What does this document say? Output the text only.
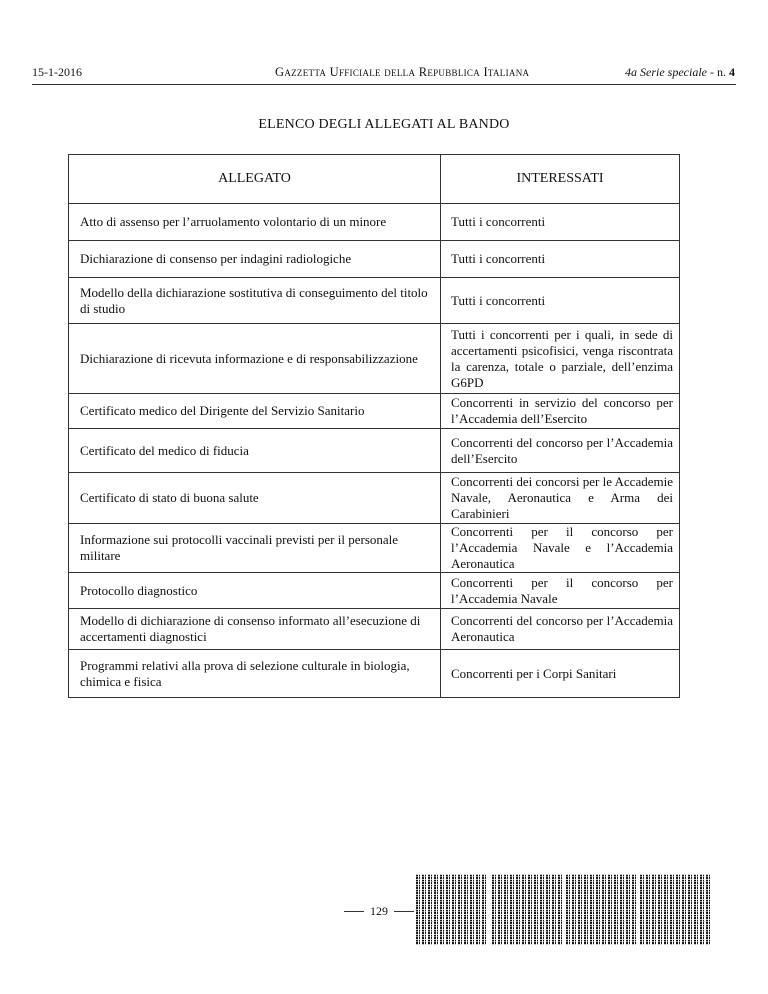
15-1-2016	Gazzetta Ufficiale della Repubblica Italiana	4a Serie speciale - n. 4
ELENCO DEGLI ALLEGATI AL BANDO
ALLEGATO	INTERESSATI
Atto di assenso per l’arruolamento volontario di un minore	Tutti i concorrenti
Dichiarazione di consenso per indagini radiologiche	Tutti i concorrenti
Modello della dichiarazione sostitutiva di conseguimento del titolo di studio	Tutti i concorrenti
Dichiarazione di ricevuta informazione e di responsabilizzazione	Tutti i concorrenti per i quali, in sede di accertamenti psicofisici, venga riscontrata la carenza, totale o parziale, dell’enzima G6PD
Certificato medico del Dirigente del Servizio Sanitario	Concorrenti in servizio del concorso per l’Accademia dell’Esercito
Certificato del medico di fiducia	Concorrenti del concorso per l’Accademia dell’Esercito
Certificato di stato di buona salute	Concorrenti dei concorsi per le Accademie Navale, Aeronautica e Arma dei Carabinieri
Informazione sui protocolli vaccinali previsti per il personale militare	Concorrenti per il concorso per l’Accademia Navale e l’Accademia Aeronautica
Protocollo diagnostico	Concorrenti per il concorso per l’Accademia Navale
Modello di dichiarazione di consenso informato all’esecuzione di accertamenti diagnostici	Concorrenti del concorso per l’Accademia Aeronautica
Programmi relativi alla prova di selezione culturale in biologia, chimica e fisica	Concorrenti per i Corpi Sanitari
129
